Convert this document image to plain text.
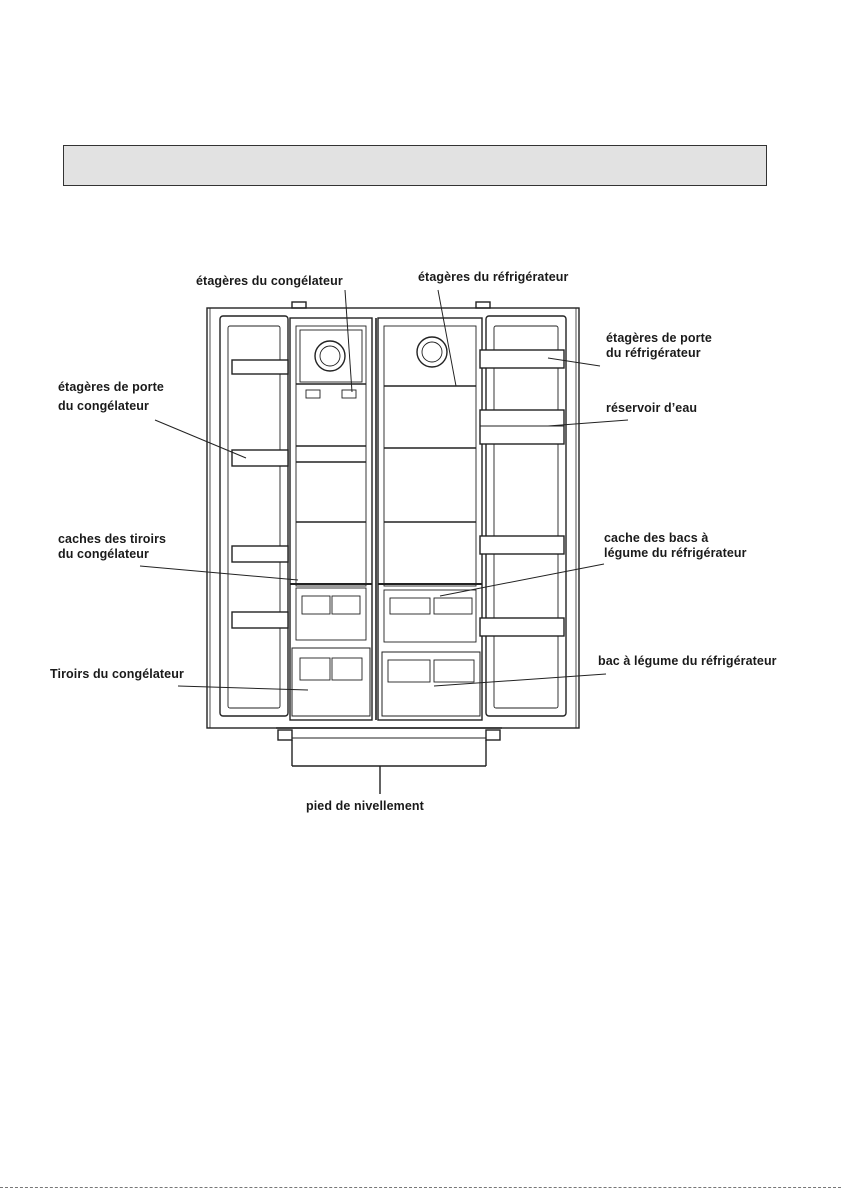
étagères du congélateur	étagères du réfrigérateur
étagères de porte
du réfrigérateur
étagères de porte
du congélateur	réservoir d’eau
caches des tiroirs
du congélateur
cache des bacs à
légume du réfrigérateur
Tiroirs du congélateur
bac à légume du réfrigérateur
pied de nivellement
